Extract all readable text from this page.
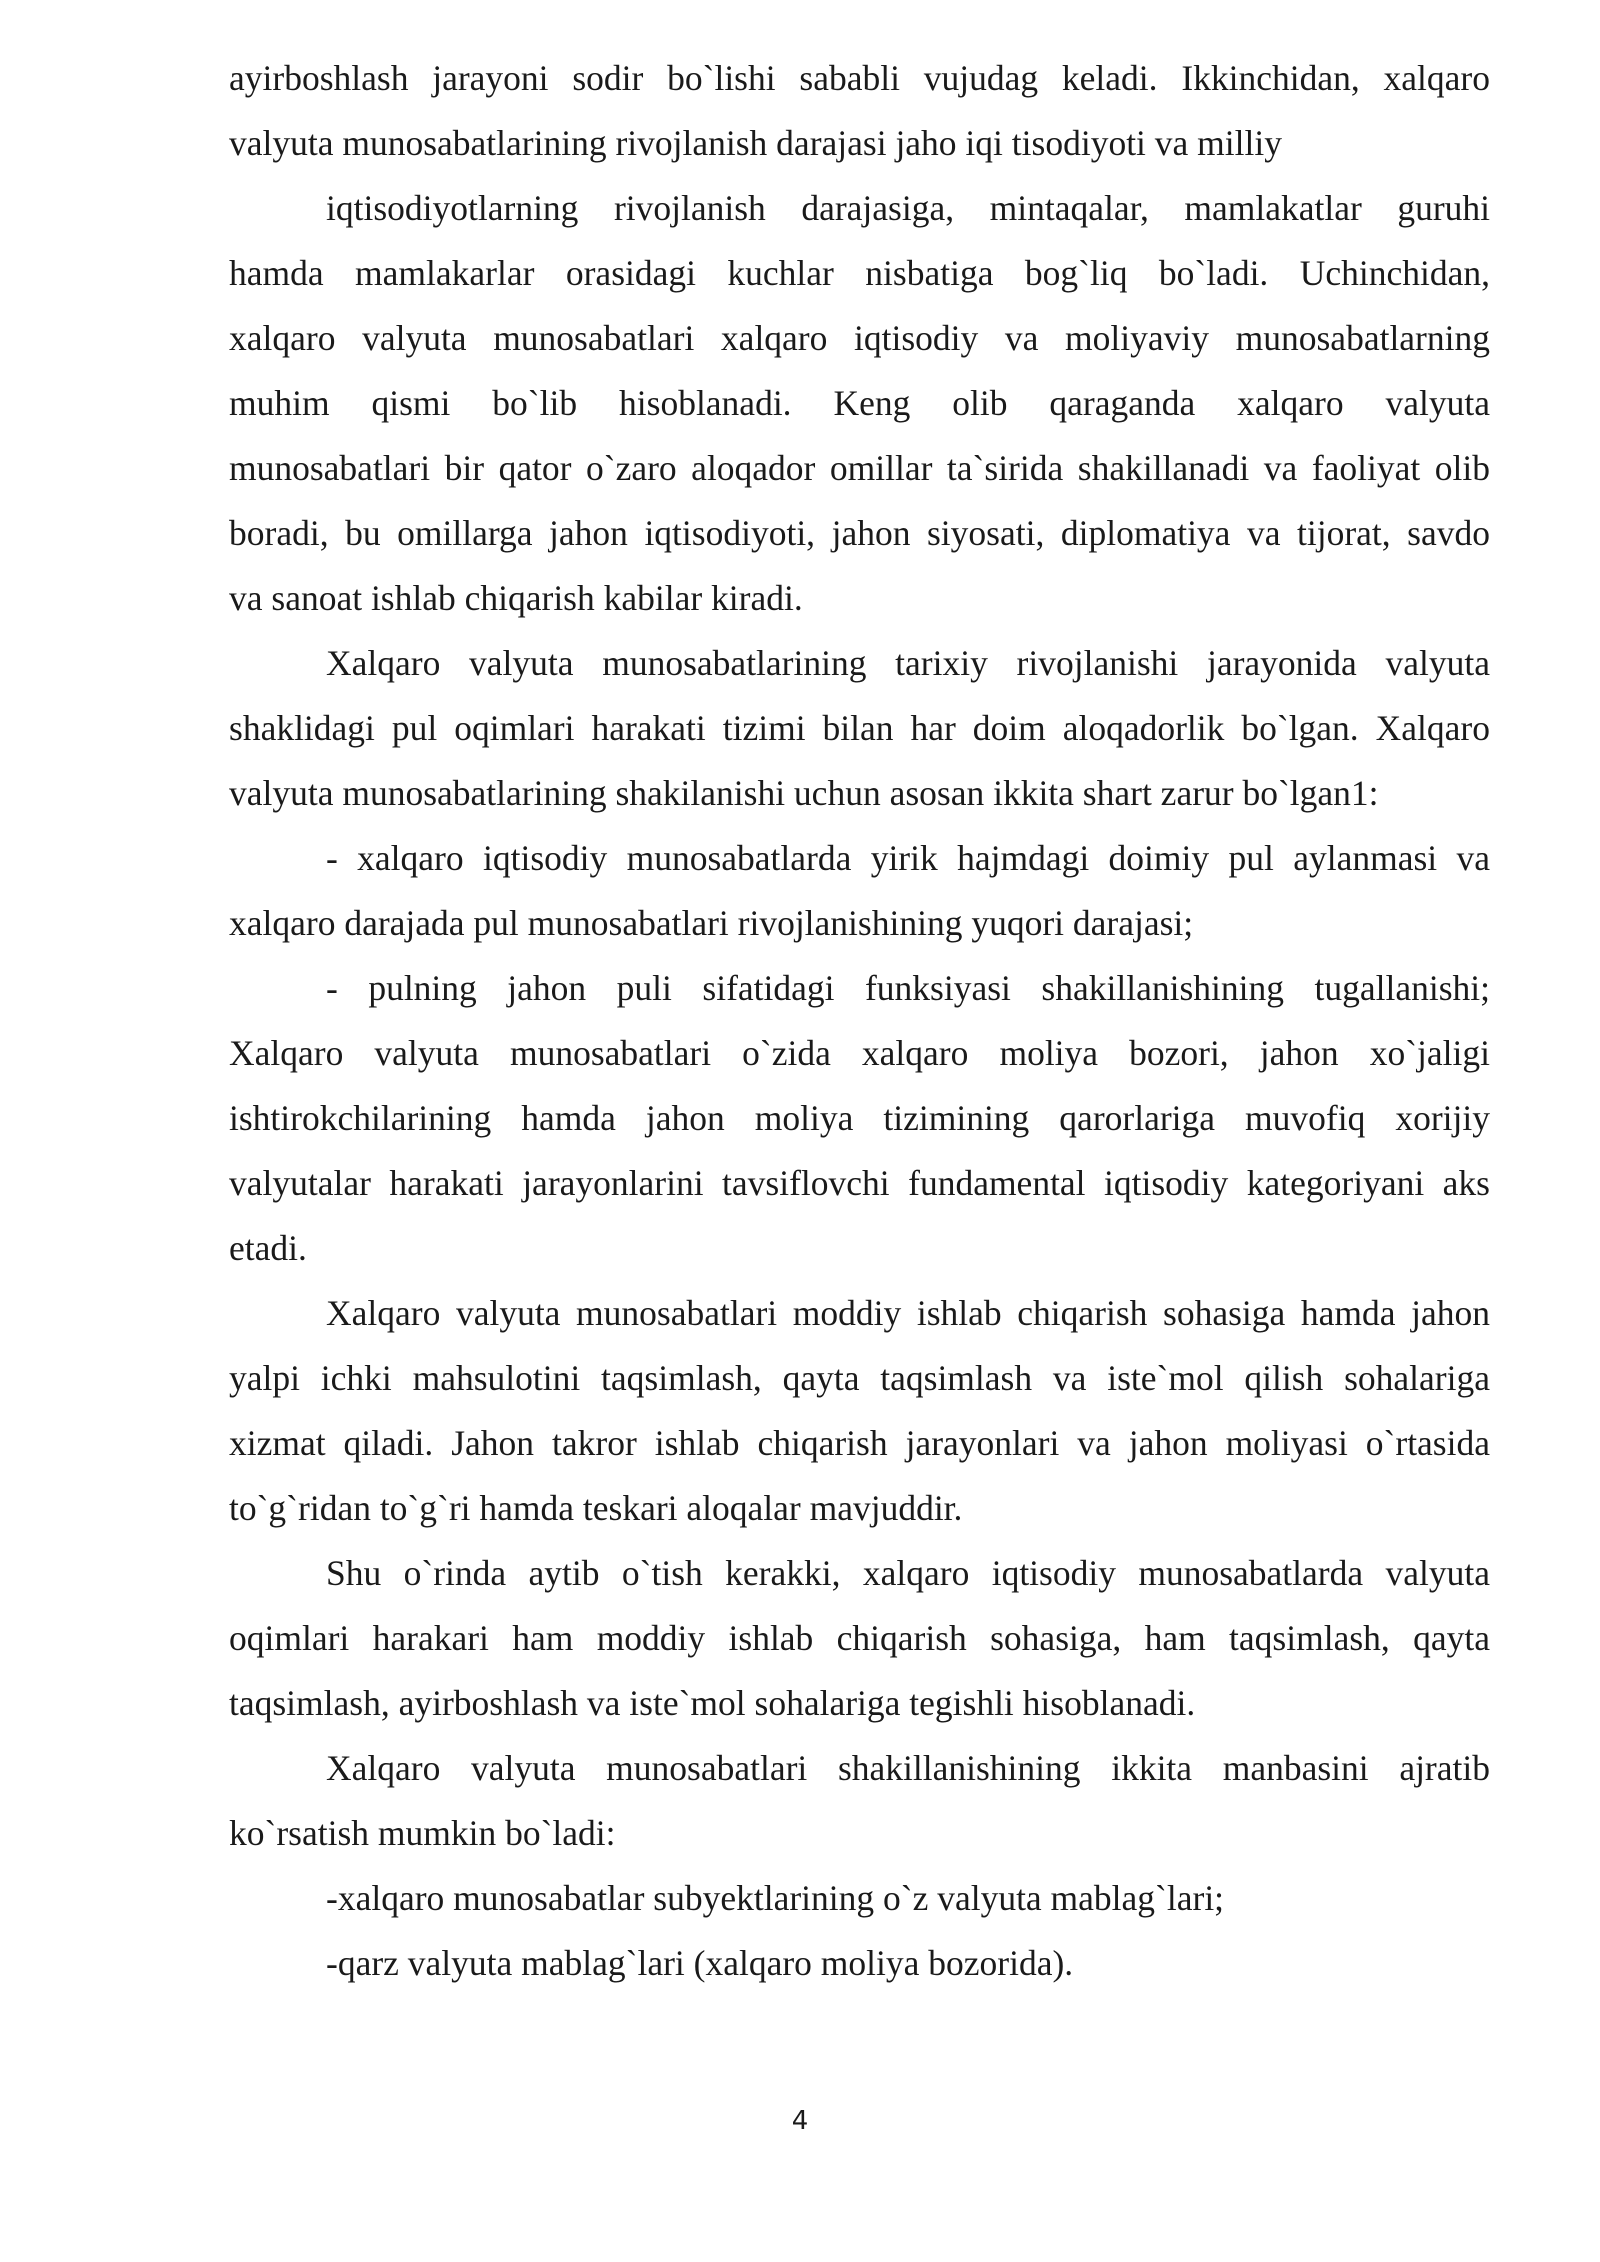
ayirboshlash jarayoni sodir bo`lishi sababli vujudag keladi. Ikkinchidan, xalqaro
valyuta munosabatlarining rivojlanish darajasi jaho iqi tisodiyoti va milliy
iqtisodiyotlarning rivojlanish darajasiga, mintaqalar, mamlakatlar guruhi
hamda mamlakarlar orasidagi kuchlar nisbatiga bog`liq bo`ladi. Uchinchidan,
xalqaro valyuta munosabatlari xalqaro iqtisodiy va moliyaviy munosabatlarning
muhim qismi bo`lib hisoblanadi. Keng olib qaraganda xalqaro valyuta
munosabatlari bir qator o`zaro aloqador omillar ta`sirida shakillanadi va faoliyat olib
boradi, bu omillarga jahon iqtisodiyoti, jahon siyosati, diplomatiya va tijorat, savdo
va sanoat ishlab chiqarish kabilar kiradi.
Xalqaro valyuta munosabatlarining tarixiy rivojlanishi jarayonida valyuta
shaklidagi pul oqimlari harakati tizimi bilan har doim aloqadorlik bo`lgan. Xalqaro
valyuta munosabatlarining shakilanishi uchun asosan ikkita shart zarur bo`lgan1:
- xalqaro iqtisodiy munosabatlarda yirik hajmdagi doimiy pul aylanmasi va
xalqaro darajada pul munosabatlari rivojlanishining yuqori darajasi;
- pulning jahon puli sifatidagi funksiyasi shakillanishining tugallanishi;
Xalqaro valyuta munosabatlari o`zida xalqaro moliya bozori, jahon xo`jaligi
ishtirokchilarining hamda jahon moliya tizimining qarorlariga muvofiq xorijiy
valyutalar harakati jarayonlarini tavsiflovchi fundamental iqtisodiy kategoriyani aks
etadi.
Xalqaro valyuta munosabatlari moddiy ishlab chiqarish sohasiga hamda jahon
yalpi ichki mahsulotini taqsimlash, qayta taqsimlash va iste`mol qilish sohalariga
xizmat qiladi. Jahon takror ishlab chiqarish jarayonlari va jahon moliyasi o`rtasida
to`g`ridan to`g`ri hamda teskari aloqalar mavjuddir.
Shu o`rinda aytib o`tish kerakki, xalqaro iqtisodiy munosabatlarda valyuta
oqimlari harakari ham moddiy ishlab chiqarish sohasiga, ham taqsimlash, qayta
taqsimlash, ayirboshlash va iste`mol sohalariga tegishli hisoblanadi.
Xalqaro valyuta munosabatlari shakillanishining ikkita manbasini ajratib
ko`rsatish mumkin bo`ladi:
-xalqaro munosabatlar subyektlarining o`z valyuta mablag`lari;
-qarz valyuta mablag`lari (xalqaro moliya bozorida).
4
